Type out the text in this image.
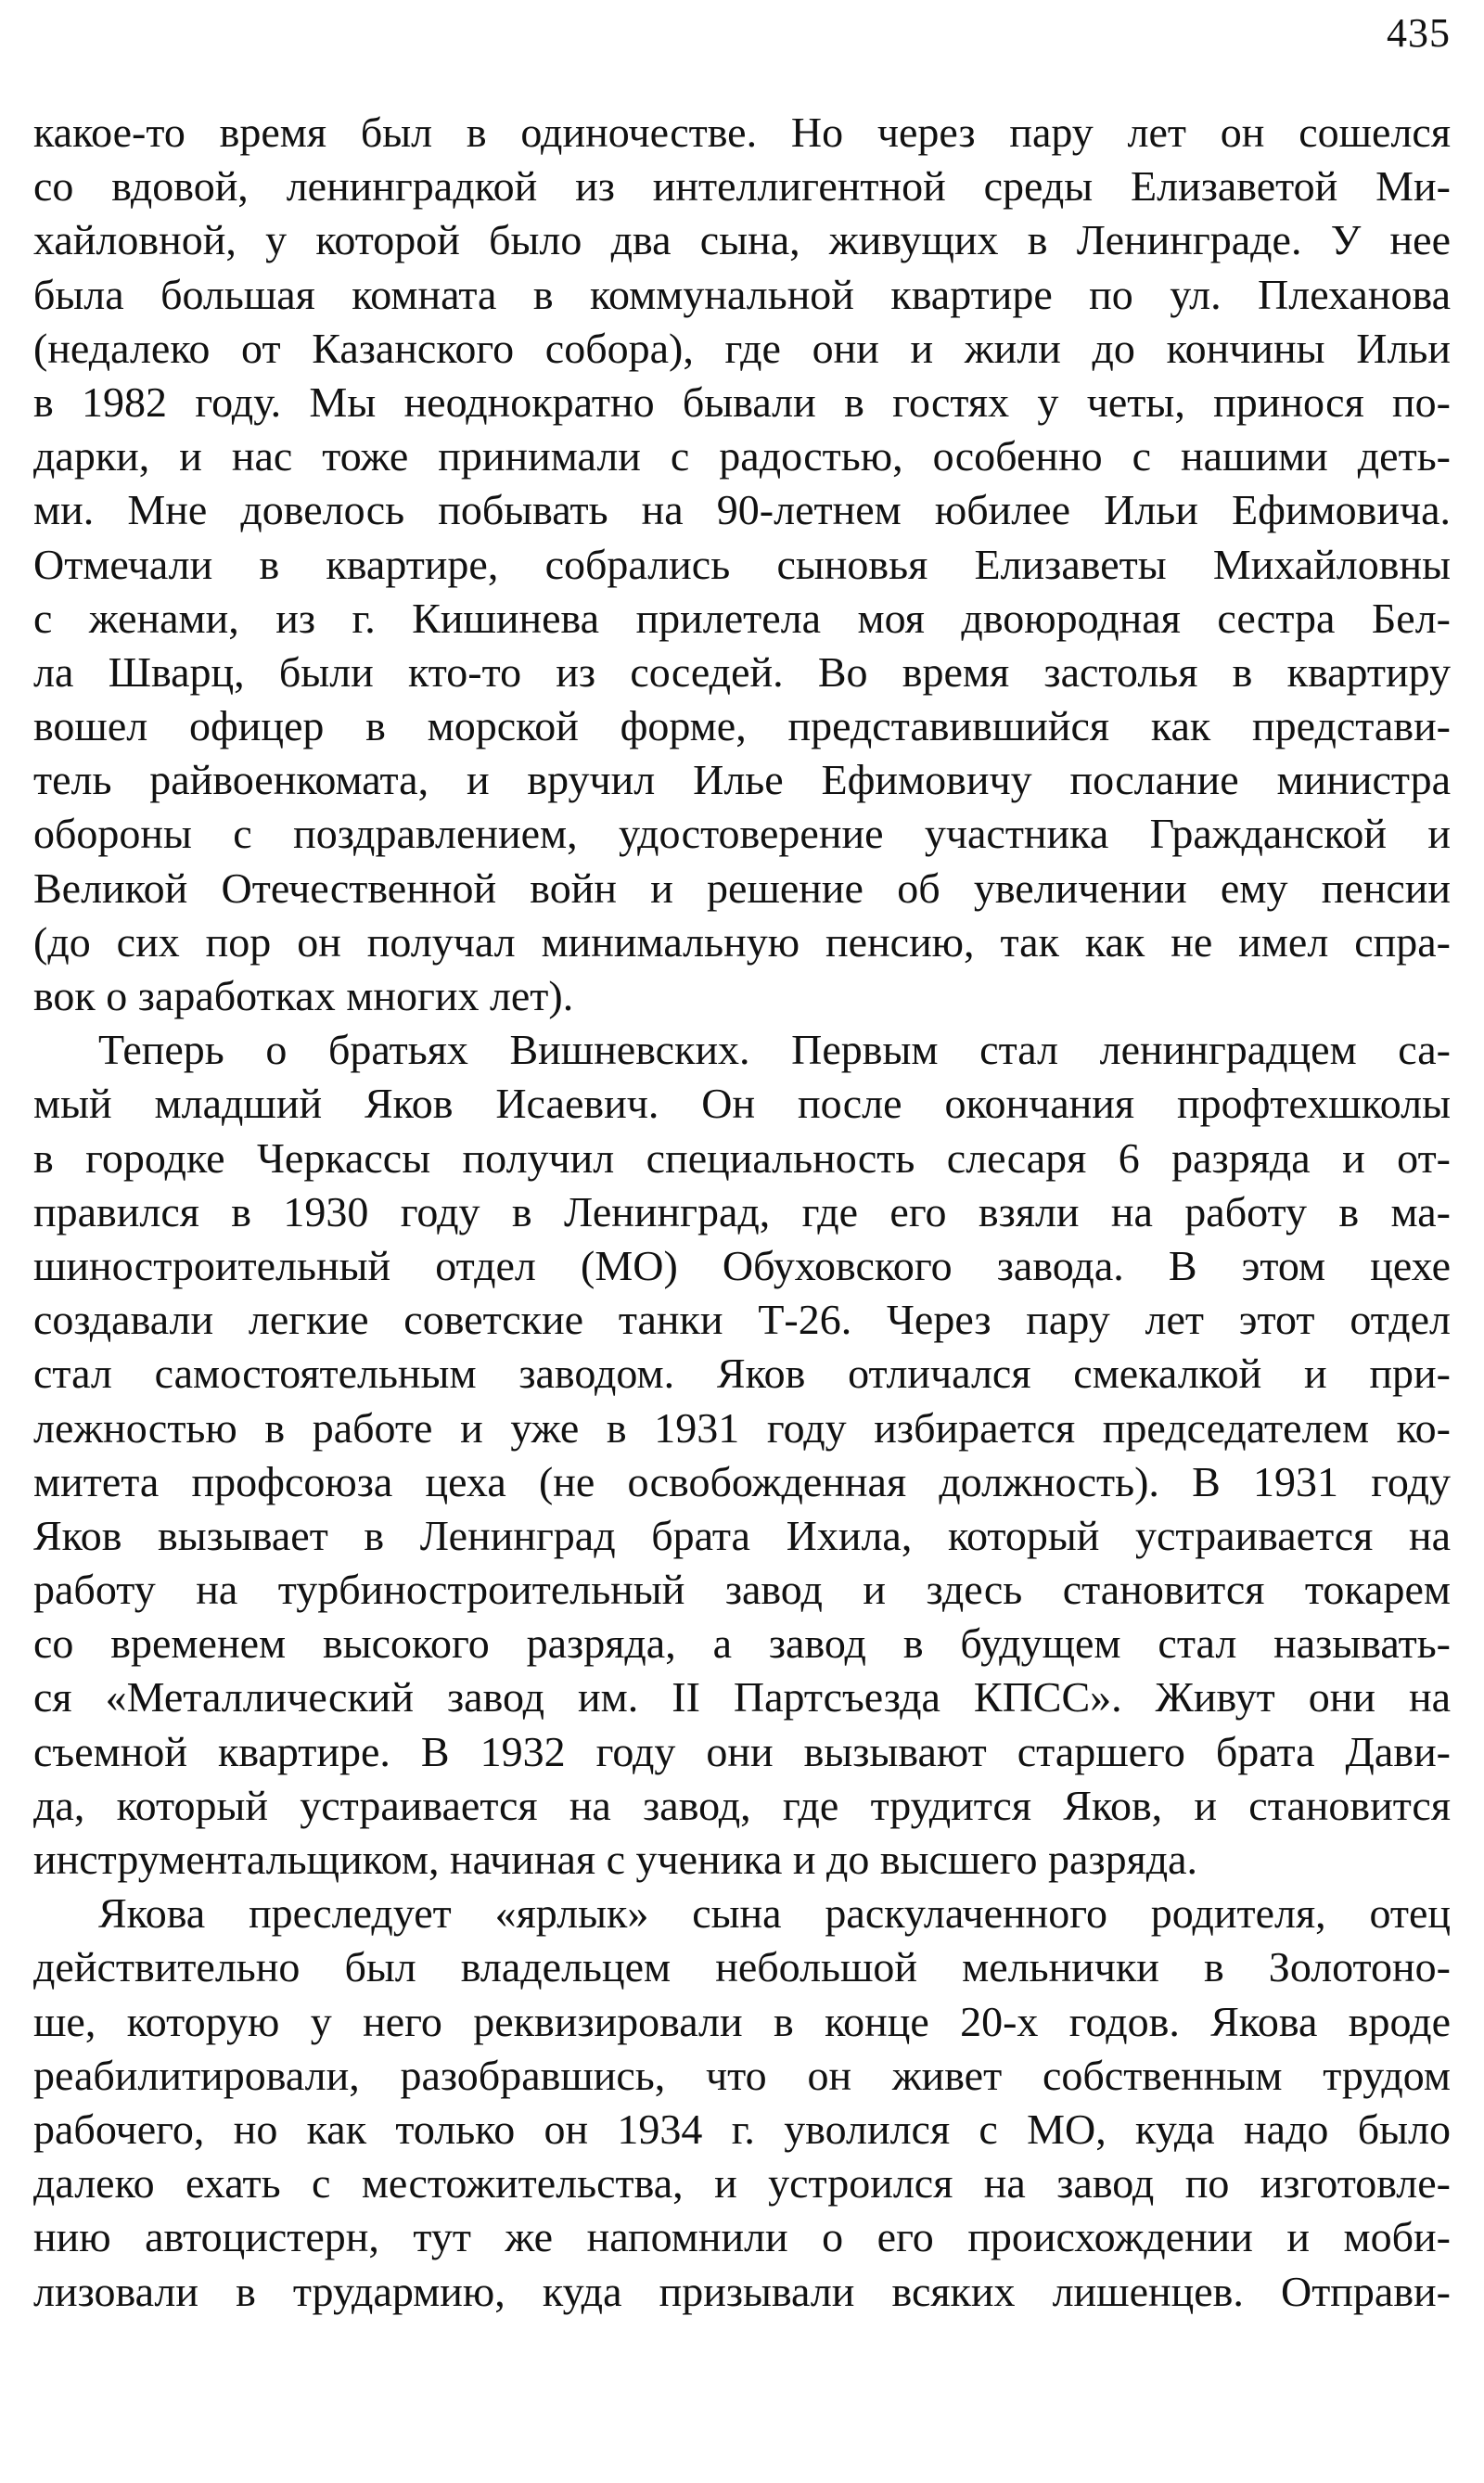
435
какое-то время был в одиночестве. Но через пару лет он сошелся
со вдовой, ленинградкой из интеллигентной среды Елизаветой Ми-
хайловной, у которой было два сына, живущих в Ленинграде. У нее
была большая комната в коммунальной квартире по ул. Плеханова
(недалеко от Казанского собора), где они и жили до кончины Ильи
в 1982 году. Мы неоднократно бывали в гостях у четы, принося по-
дарки, и нас тоже принимали с радостью, особенно с нашими деть-
ми. Мне довелось побывать на 90-летнем юбилее Ильи Ефимовича.
Отмечали в квартире, собрались сыновья Елизаветы Михайловны
с женами, из г. Кишинева прилетела моя двоюродная сестра Бел-
ла Шварц, были кто-то из соседей. Во время застолья в квартиру
вошел офицер в морской форме, представившийся как представи-
тель райвоенкомата, и вручил Илье Ефимовичу послание министра
обороны с поздравлением, удостоверение участника Гражданской и
Великой Отечественной войн и решение об увеличении ему пенсии
(до сих пор он получал минимальную пенсию, так как не имел спра-
вок о заработках многих лет).
Теперь о братьях Вишневских. Первым стал ленинградцем са-
мый младший Яков Исаевич. Он после окончания профтехшколы
в городке Черкассы получил специальность слесаря 6 разряда и от-
правился в 1930 году в Ленинград, где его взяли на работу в ма-
шиностроительный отдел (МО) Обуховского завода. В этом цехе
создавали легкие советские танки Т-26. Через пару лет этот отдел
стал самостоятельным заводом. Яков отличался смекалкой и при-
лежностью в работе и уже в 1931 году избирается председателем ко-
митета профсоюза цеха (не освобожденная должность). В 1931 году
Яков вызывает в Ленинград брата Ихила, который устраивается на
работу на турбиностроительный завод и здесь становится токарем
со временем высокого разряда, а завод в будущем стал называть-
ся «Металлический завод им. II Партсъезда КПСС». Живут они на
съемной квартире. В 1932 году они вызывают старшего брата Дави-
да, который устраивается на завод, где трудится Яков, и становится
инструментальщиком, начиная с ученика и до высшего разряда.
Якова преследует «ярлык» сына раскулаченного родителя, отец
действительно был владельцем небольшой мельнички в Золотоно-
ше, которую у него реквизировали в конце 20-х годов. Якова вроде
реабилитировали, разобравшись, что он живет собственным трудом
рабочего, но как только он 1934 г. уволился с МО, куда надо было
далеко ехать с местожительства, и устроился на завод по изготовле-
нию автоцистерн, тут же напомнили о его происхождении и моби-
лизовали в трудармию, куда призывали всяких лишенцев. Отправи-
